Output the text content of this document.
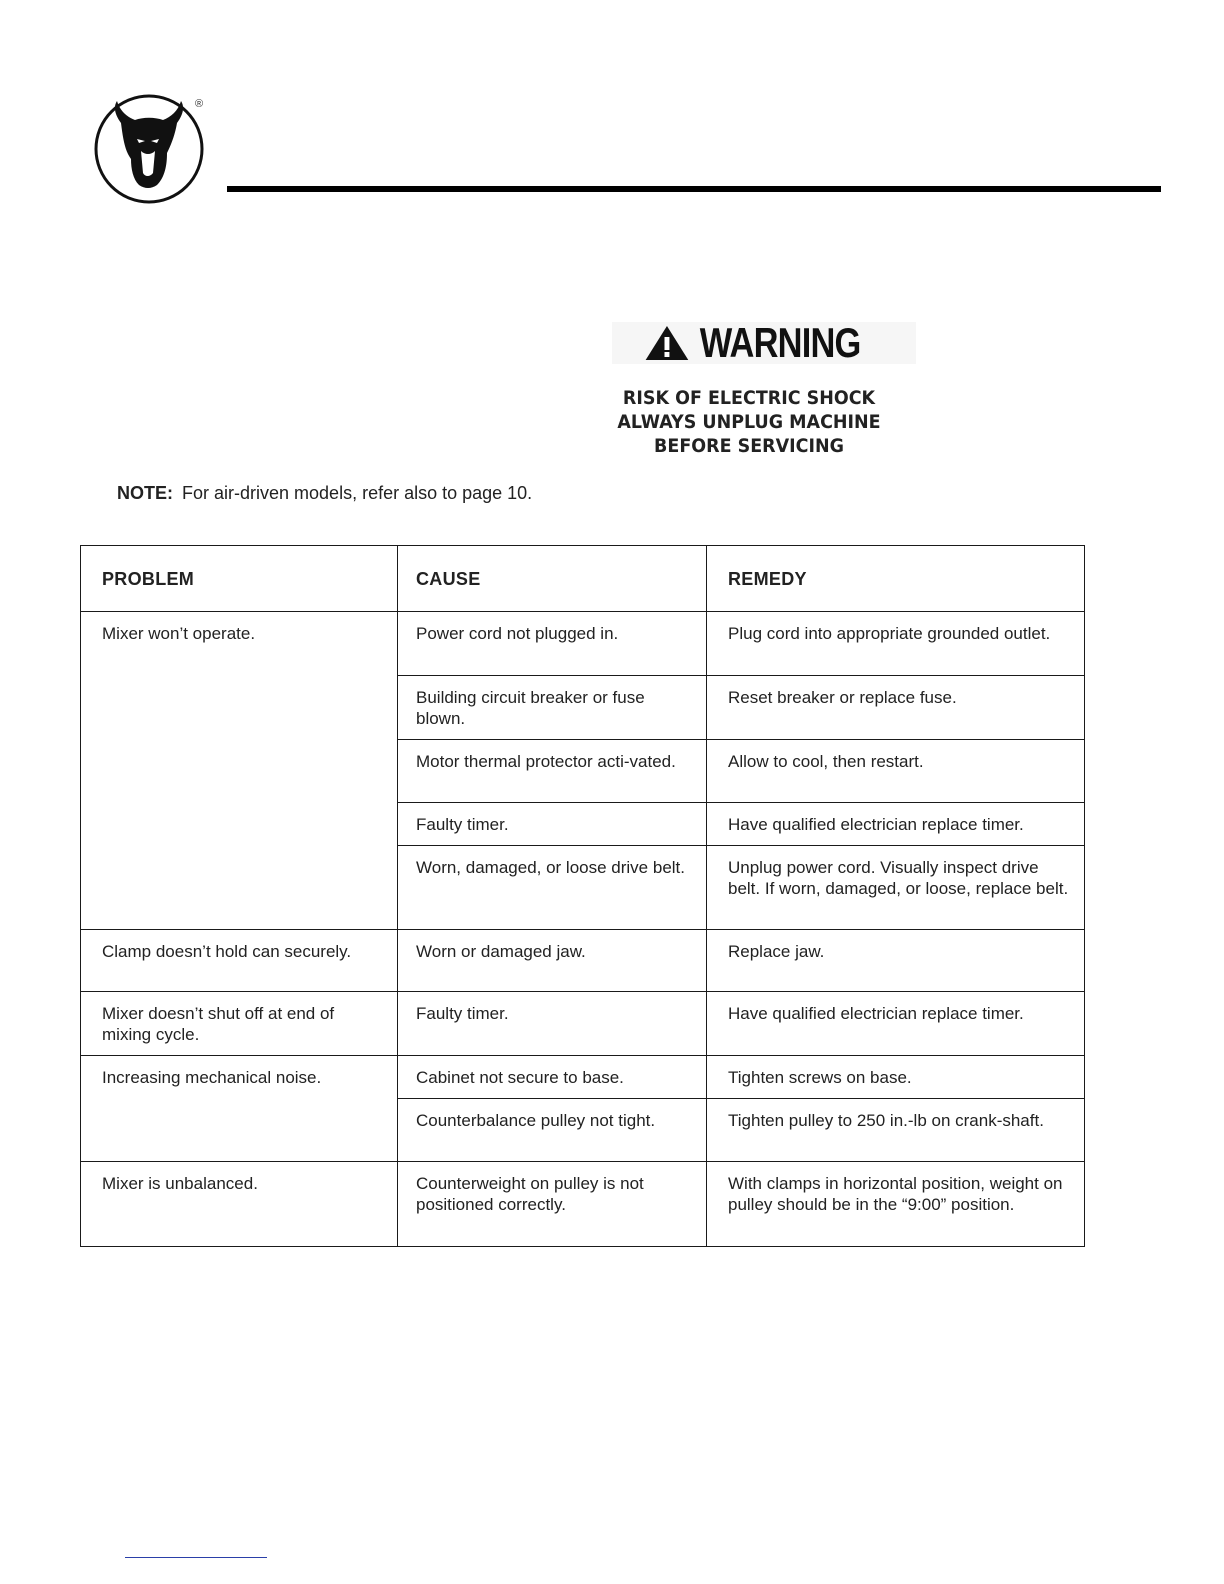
®
WARNING
RISK OF ELECTRIC SHOCK
ALWAYS UNPLUG MACHINE
BEFORE SERVICING
NOTE: For air-driven models, refer also to page 10.
PROBLEM	CAUSE	REMEDY
Mixer won’t operate.	Power cord not plugged in.	Plug cord into appropriate grounded outlet.
	Building circuit breaker or fuse blown.	Reset breaker or replace fuse.
	Motor thermal protector acti-vated.	Allow to cool, then restart.
	Faulty timer.	Have qualified electrician replace timer.
	Worn, damaged, or loose drive belt.	Unplug power cord. Visually inspect drive belt. If worn, damaged, or loose, replace belt.
Clamp doesn’t hold can securely.	Worn or damaged jaw.	Replace jaw.
Mixer doesn’t shut off at end of mixing cycle.	Faulty timer.	Have qualified electrician replace timer.
Increasing mechanical noise.	Cabinet not secure to base.	Tighten screws on base.
	Counterbalance pulley not tight.	Tighten pulley to 250 in.-lb on crank-shaft.
Mixer is unbalanced.	Counterweight on pulley is not positioned correctly.	With clamps in horizontal position, weight on pulley should be in the “9:00” position.
